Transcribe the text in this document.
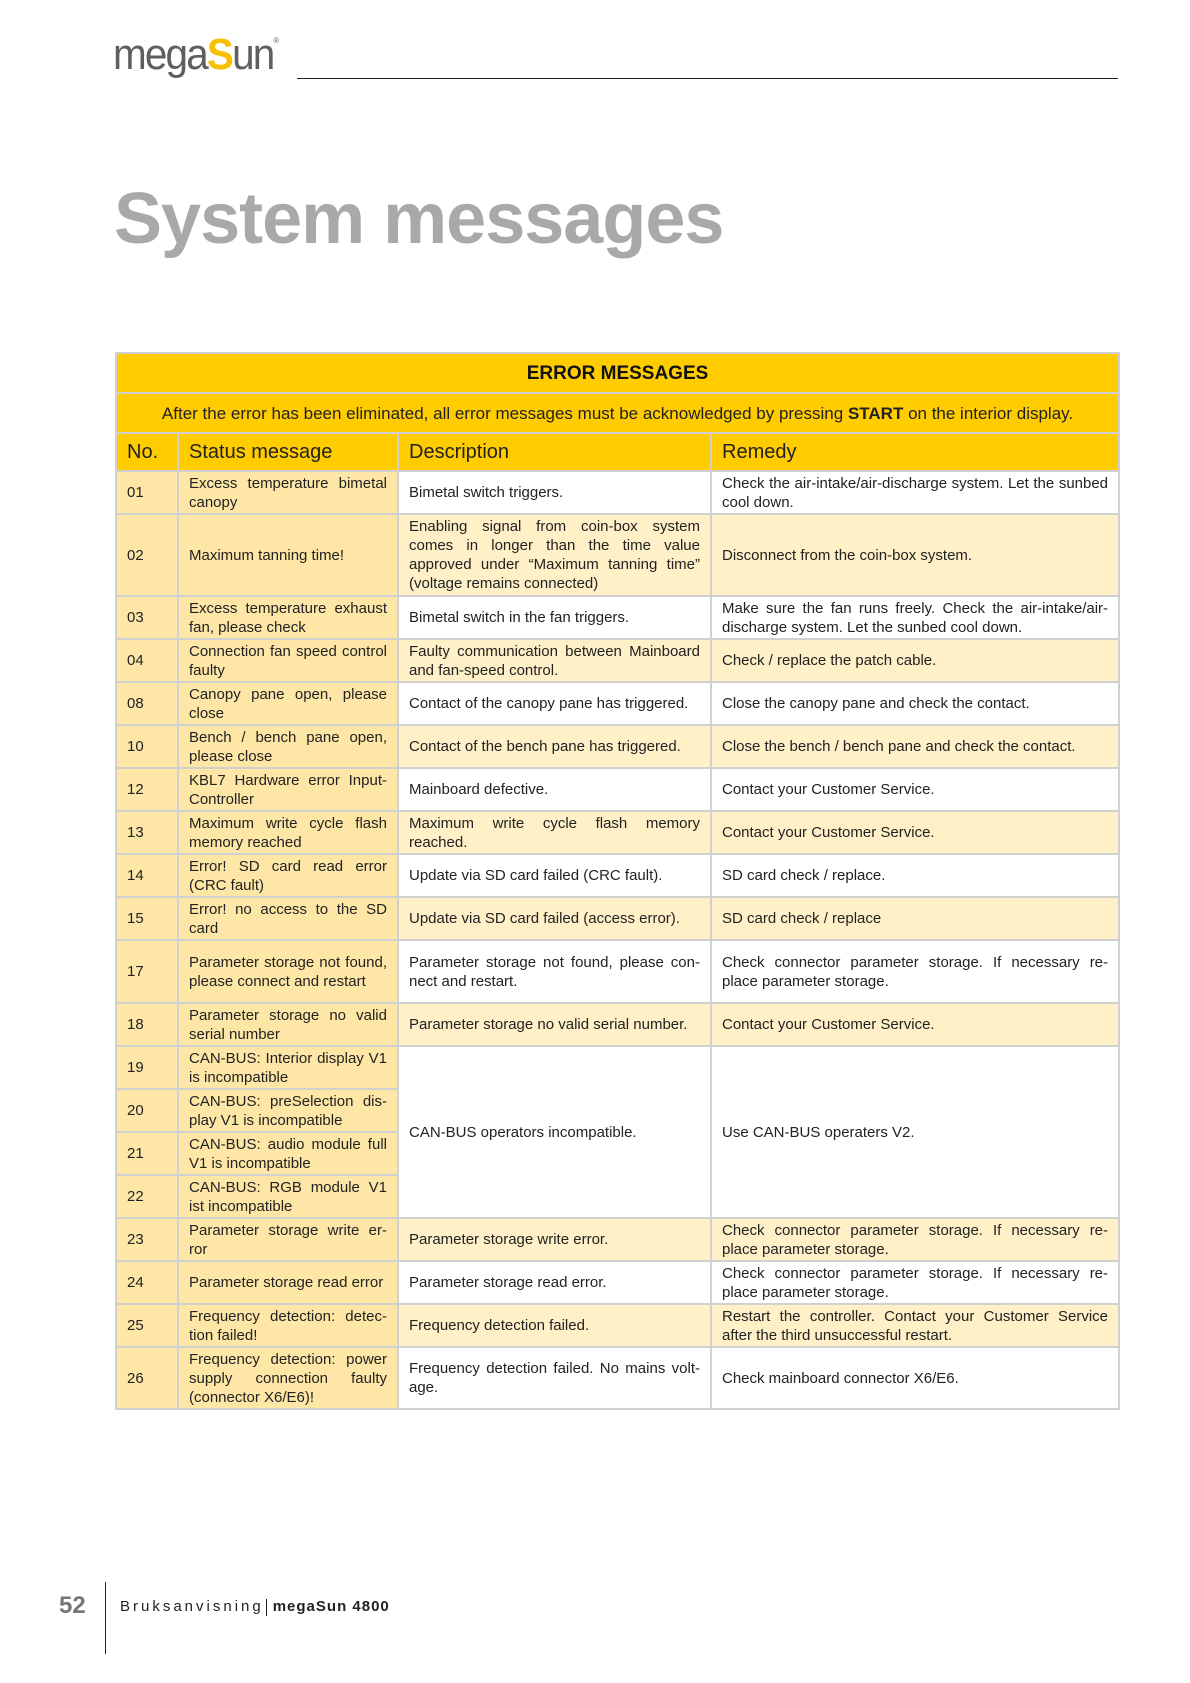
megaSun®
System messages
ERROR MESSAGES			
After the error has been eliminated, all error messages must be acknowledged by pressing START on the interior display.			
No.	Status message	Description	Remedy
01	Excess temperature bimetal canopy	Bimetal switch triggers.	Check the air-intake/air-discharge system. Let the sunbed cool down.
02	Maximum tanning time!	Enabling signal from coin-box system comes in longer than the time value approved under “Maximum tanning time” (voltage remains connected)	Disconnect from the coin-box system.
03	Excess temperature exhaust fan, please check	Bimetal switch in the fan triggers.	Make sure the fan runs freely. Check the air-intake/air-discharge system. Let the sunbed cool down.
04	Connection fan speed control faulty	Faulty communication between Mainboard and fan-speed control.	Check / replace the patch cable.
08	Canopy pane open, please close	Contact of the canopy pane has triggered.	Close the canopy pane and check the contact.
10	Bench / bench pane open, please close	Contact of the bench pane has triggered.	Close the bench / bench pane and check the contact.
12	KBL7 Hardware error Input-Controller	Mainboard defective.	Contact your Customer Service.
13	Maximum write cycle flash memory reached	Maximum write cycle flash memory reached.	Contact your Customer Service.
14	Error! SD card read error (CRC fault)	Update via SD card failed (CRC fault).	SD card check / replace.
15	Error! no access to the SD card	Update via SD card failed (access error).	SD card check / replace
17	Parameter storage not found, please connect and restart	Parameter storage not found, please con-nect and restart.	Check connector parameter storage. If necessary re-place parameter storage.
18	Parameter storage no valid serial number	Parameter storage no valid serial number.	Contact your Customer Service.
19	CAN-BUS: Interior display V1 is incompatible	CAN-BUS operators incompatible.	Use CAN-BUS operaters V2.
20	CAN-BUS: preSelection dis-play V1 is incompatible		
21	CAN-BUS: audio module full V1 is incompatible		
22	CAN-BUS: RGB module V1 ist incompatible		
23	Parameter storage write er-ror	Parameter storage write error.	Check connector parameter storage. If necessary re-place parameter storage.
24	Parameter storage read error	Parameter storage read error.	Check connector parameter storage. If necessary re-place parameter storage.
25	Frequency detection: detec-tion failed!	Frequency detection failed.	Restart the controller. Contact your Customer Service after the third unsuccessful restart.
26	Frequency detection: power supply connection faulty (connector X6/E6)!	Frequency detection failed. No mains volt-age.	Check mainboard connector X6/E6.
52 Bruksanvisning megaSun 4800
